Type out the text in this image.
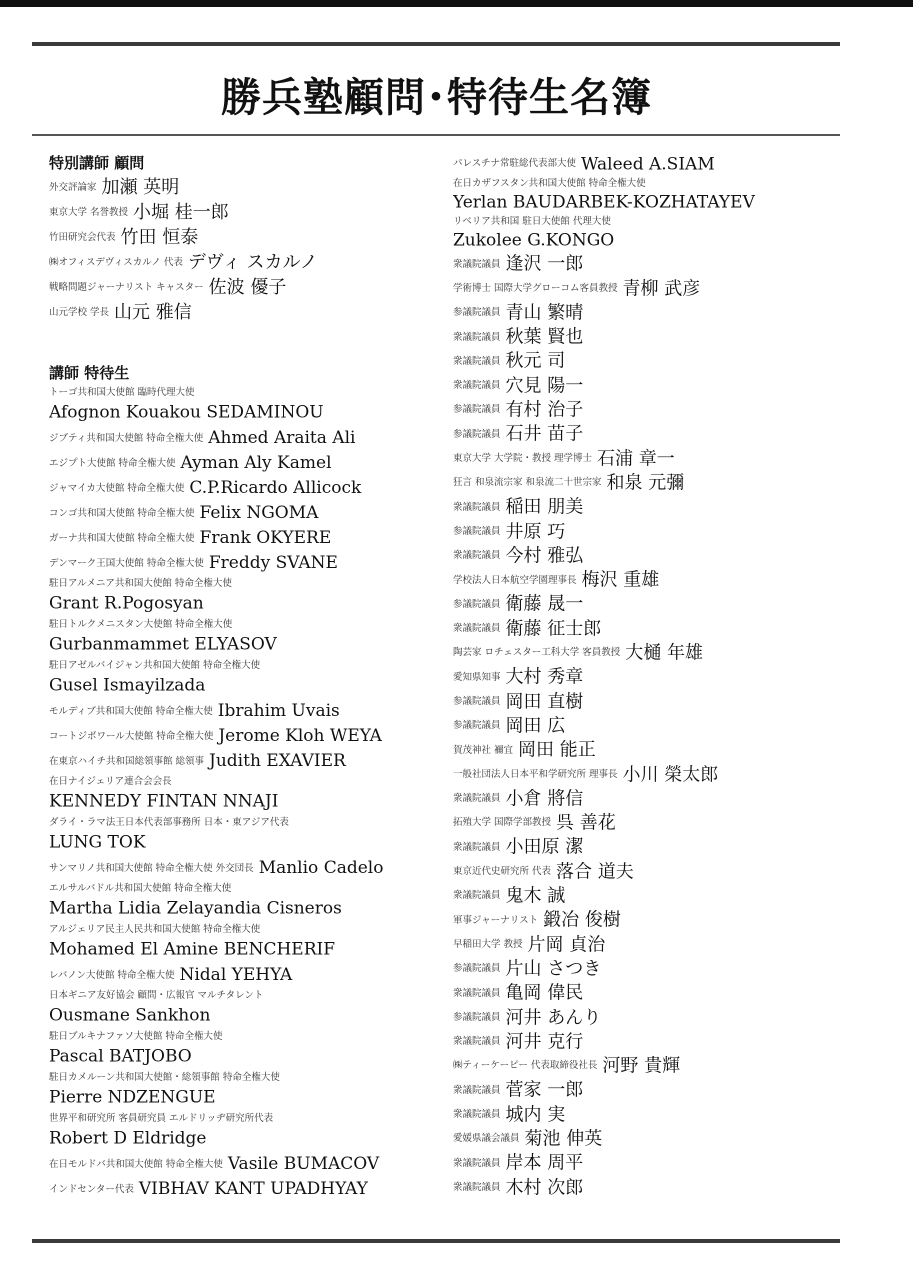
勝兵塾顧問･特待生名簿
特別講師 顧問
外交評論家 加瀬 英明
東京大学 名誉教授 小堀 桂一郎
竹田研究会代表 竹田 恒泰
㈱オフィスデヴィスカルノ 代表 デヴィ スカルノ
戦略問題ジャーナリスト キャスター 佐波 優子
山元学校 学長 山元 雅信
講師 特待生
トーゴ共和国大使館 臨時代理大使
Afognon Kouakou SEDAMINOU
ジブティ共和国大使館 特命全権大使 Ahmed Araita Ali
エジプト大使館 特命全権大使 Ayman Aly Kamel
ジャマイカ大使館 特命全権大使 C.P.Ricardo Allicock
コンゴ共和国大使館 特命全権大使 Felix NGOMA
ガーナ共和国大使館 特命全権大使 Frank OKYERE
デンマーク王国大使館 特命全権大使 Freddy SVANE
駐日アルメニア共和国大使館 特命全権大使
Grant R.Pogosyan
駐日トルクメニスタン大使館 特命全権大使
Gurbanmammet ELYASOV
駐日アゼルバイジャン共和国大使館 特命全権大使
Gusel Ismayilzada
モルディブ共和国大使館 特命全権大使 Ibrahim Uvais
コートジボワール大使館 特命全権大使 Jerome Kloh WEYA
在東京ハイチ共和国総領事館 総領事 Judith EXAVIER
在日ナイジェリア連合会会長
KENNEDY FINTAN NNAJI
ダライ・ラマ法王日本代表部事務所 日本・東アジア代表
LUNG TOK
サンマリノ共和国大使館 特命全権大使 外交団長 Manlio Cadelo
エルサルバドル共和国大使館 特命全権大使
Martha Lidia Zelayandia Cisneros
アルジェリア民主人民共和国大使館 特命全権大使
Mohamed El Amine BENCHERIF
レバノン大使館 特命全権大使 Nidal YEHYA
日本ギニア友好協会 顧問・広報官 マルチタレント
Ousmane Sankhon
駐日ブルキナファソ大使館 特命全権大使
Pascal BATJOBO
駐日カメルーン共和国大使館・総領事館 特命全権大使
Pierre NDZENGUE
世界平和研究所 客員研究員 エルドリッヂ研究所代表
Robert D Eldridge
在日モルドバ共和国大使館 特命全権大使 Vasile BUMACOV
インドセンター代表 VIBHAV KANT UPADHYAY
パレスチナ常駐総代表部大使 Waleed A.SIAM
在日カザフスタン共和国大使館 特命全権大使
Yerlan BAUDARBEK-KOZHATAYEV
リベリア共和国 駐日大使館 代理大使
Zukolee G.KONGO
衆議院議員 逢沢 一郎
学術博士 国際大学グローコム客員教授 青柳 武彦
参議院議員 青山 繁晴
衆議院議員 秋葉 賢也
衆議院議員 秋元 司
衆議院議員 穴見 陽一
参議院議員 有村 治子
参議院議員 石井 苗子
東京大学 大学院・教授 理学博士 石浦 章一
狂言 和泉流宗家 和泉流二十世宗家 和泉 元彌
衆議院議員 稲田 朋美
参議院議員 井原 巧
衆議院議員 今村 雅弘
学校法人日本航空学園理事長 梅沢 重雄
参議院議員 衛藤 晟一
衆議院議員 衛藤 征士郎
陶芸家 ロチェスター工科大学 客員教授 大樋 年雄
愛知県知事 大村 秀章
参議院議員 岡田 直樹
参議院議員 岡田 広
賀茂神社 禰宜 岡田 能正
一般社団法人日本平和学研究所 理事長 小川 榮太郎
衆議院議員 小倉 將信
拓殖大学 国際学部教授 呉 善花
衆議院議員 小田原 潔
東京近代史研究所 代表 落合 道夫
衆議院議員 鬼木 誠
軍事ジャーナリスト 鍛冶 俊樹
早稲田大学 教授 片岡 貞治
参議院議員 片山 さつき
衆議院議員 亀岡 偉民
参議院議員 河井 あんり
衆議院議員 河井 克行
㈱ティーケーピー 代表取締役社長 河野 貴輝
衆議院議員 菅家 一郎
衆議院議員 城内 実
愛媛県議会議員 菊池 伸英
衆議院議員 岸本 周平
衆議院議員 木村 次郎
